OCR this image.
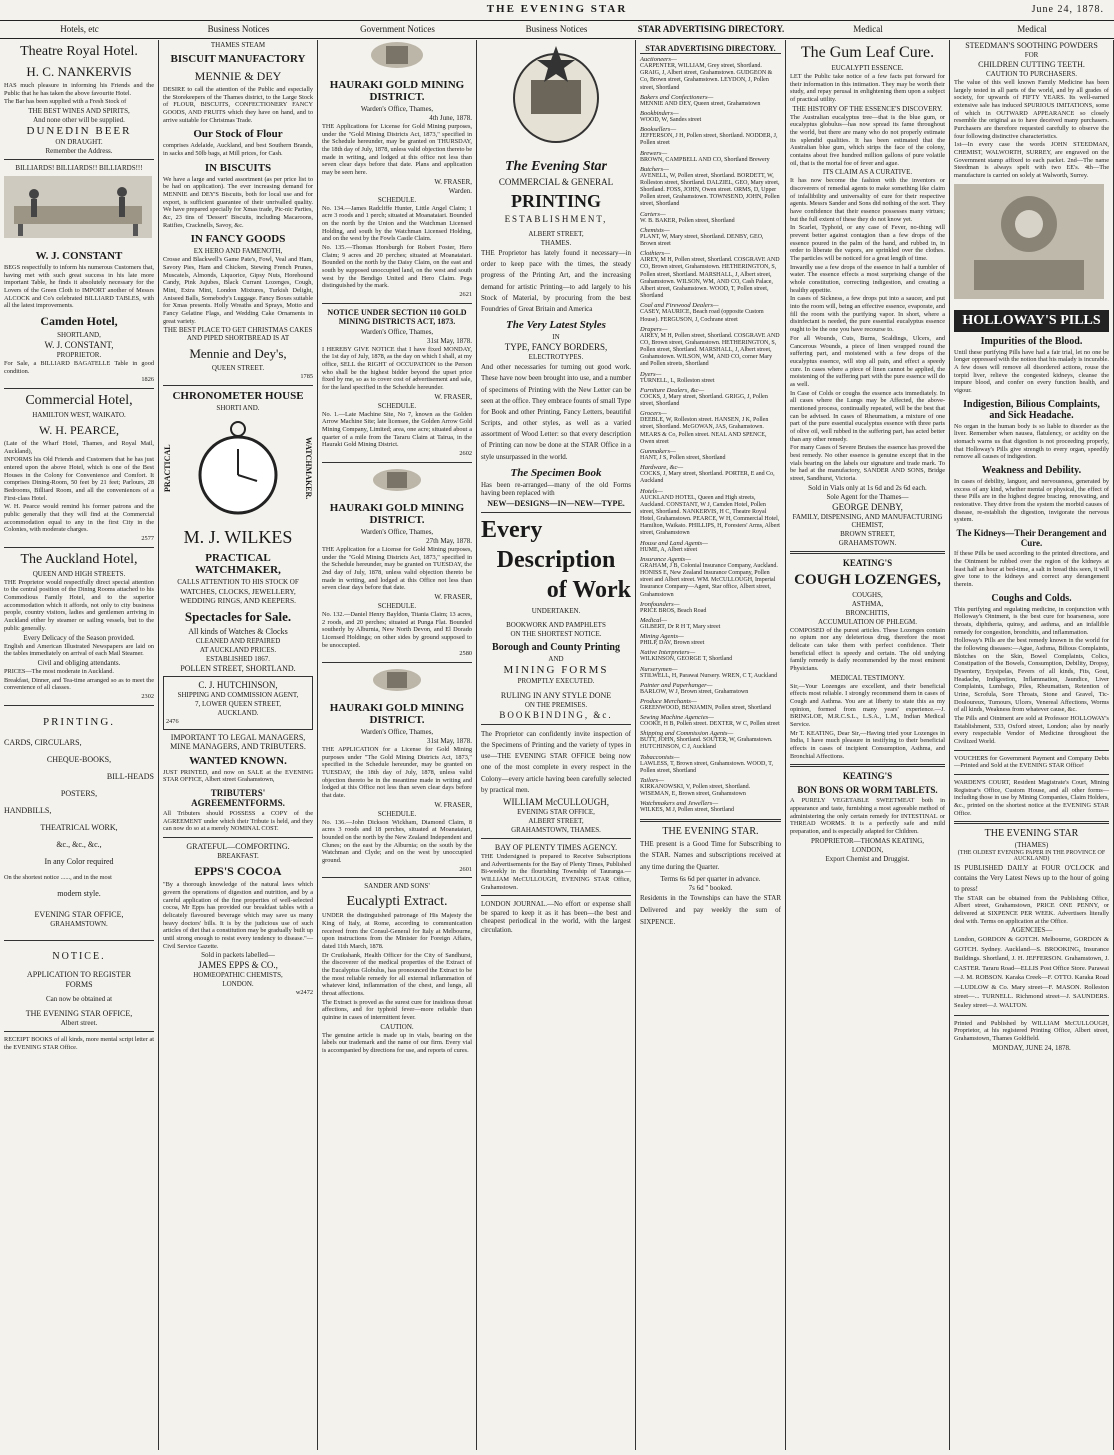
THE EVENING STAR	June 24, 1878.
Hotels, etc	Business Notices	Government Notices	Business Notices	STAR ADVERTISING DIRECTORY.	Medical	Medical
Theatre Royal Hotel.
H. C. NANKERVIS

HAS much pleasure in informing his Friends and the Public that he has taken the above favourite Hotel.

The Bar has been supplied with a Fresh Stock of

THE BEST WINES AND SPIRITS,

And none other will be supplied.

DUNEDIN BEER

ON DRAUGHT.

Remember the Address.

BILLIARDS! BILLIARDS!! BILLIARDS!!!

W. J. CONSTANT

BEGS respectfully to inform his numerous Customers that, having met with such great success in his late more important Table, he finds it absolutely necessary for the Lovers of the Green Cloth to IMPORT another of Messrs ALCOCK and Co's celebrated BILLIARD TABLES, with all the latest improvements.

Camden Hotel,

SHORTLAND,

W. J. CONSTANT,

PROPRIETOR.

For Sale, a BILLIARD BAGATELLE Table in good condition.

1826

Commercial Hotel,

HAMILTON WEST, WAIKATO.

W. H. PEARCE,

(Late of the Wharf Hotel, Thames, and Royal Mail, Auckland),

INFORMS his Old Friends and Customers that he has just entered upon the above Hotel, which is one of the Best Houses in the Colony for Convenience and Comfort. It comprises Dining-Room, 50 feet by 21 feet; Parlours, 28 Bedrooms, Billiard Room, and all the conveniences of a First-class Hotel.

W. H. Pearce would remind his former patrons and the public generally that they will find at the Commercial accommodation equal to any in the first City in the Colonies, with moderate charges.

2577

The Auckland Hotel,

QUEEN AND HIGH STREETS.

THE Proprietor would respectfully direct special attention to the central position of the Dining Rooms attached to his Commodious Family Hotel, and to the superior accommodation which it affords, not only to city business people, country visitors, ladies and gentlemen arriving in Auckland either by steamer or sailing vessels, but to the public generally.

Every Delicacy of the Season provided.

English and American Illustrated Newspapers are laid on the tables immediately on arrival of each Mail Steamer.

Civil and obliging attendants.

PRICES—The most moderate in Auckland.

Breakfast, Dinner, and Tea-time arranged so as to meet the convenience of all classes.

2302

PRINTING.

CARDS, CIRCULARS,

CHEQUE-BOOKS,

BILL-HEADS

POSTERS,

HANDBILLS,

THEATRICAL WORK,

&c., &c., &c.,

In any Color required

On the shortest notice ......, and in the most

modern style.

EVENING STAR OFFICE,

GRAHAMSTOWN.

NOTICE.

APPLICATION TO REGISTER

FORMS

Can now be obtained at

THE EVENING STAR OFFICE,

Albert street.

RECEIPT BOOKS of all kinds, more mental script letter at the EVENING STAR Office.

THAMES STEAM

BISCUIT MANUFACTORY
MENNIE & DEY

DESIRE to call the attention of the Public and especially the Storekeepers of the Thames district, to the Large Stock of FLOUR, BISCUITS, CONFECTIONERY FANCY GOODS, AND FRUITS which they have on hand, and to arrive suitable for Christmas Trade.

Our Stock of Flour

comprises Adelaide, Auckland, and best Southern Brands, in sacks and 50lb bags, at Mill prices, for Cash.

IN BISCUITS

We have a large and varied assortment (as per price list to be had on application). The ever increasing demand for MENNIE and DEY'S Biscuits, both for local use and for export, is sufficient guarantee of their unrivalled quality. We have prepared specially for Xmas trade, Pic-nic Parties, &c, 23 tins of 'Dessert' Biscuits, including Macaroons, Ratifies, Cracknells, Savoy, &c.

IN FANCY GOODS

EX HERO AND FAMENOTH,

Crosse and Blackwell's Game Pate's, Fowl, Veal and Ham, Savory Pies, Ham and Chicken, Stewing French Prunes, Muscatels, Almonds, Liquorice, Gipsy Nuts, Horehound Candy, Pink Jujubes, Black Currant Lozenges, Cough, Mint, Extra Mint, London Mixtures, Turkish Delight, Aniseed Balls, Somebody's Luggage. Fancy Boxes suitable for Xmas presents. Holly Wreaths and Sprays, Motto and Fancy Gelatine Flags, and Wedding Cake Ornaments in great variety.

THE BEST PLACE TO GET CHRISTMAS CAKES AND PIPED SHORTBREAD IS AT

Mennie and Dey's,

QUEEN STREET.

1785

CHRONOMETER HOUSE

SHORTI AND.

PRACTICAL	WATCHMAKER.
M. J. WILKES
PRACTICAL WATCHMAKER,

CALLS ATTENTION TO HIS STOCK OF

WATCHES, CLOCKS, JEWELLERY, WEDDING RINGS, AND KEEPERS.

Spectacles for Sale.

All kinds of Watches & Clocks

CLEANED AND REPAIRED

AT AUCKLAND PRICES.

ESTABLISHED 1867.

POLLEN STREET, SHORTLAND.

C. J. HUTCHINSON,

SHIPPING AND COMMISSION AGENT,

7, LOWER QUEEN STREET,

AUCKLAND.

2476

IMPORTANT TO LEGAL MANAGERS, MINE MANAGERS, AND TRIBUTERS.

WANTED KNOWN.

JUST PRINTED, and now on SALE at the EVENING STAR OFFICE, Albert street Grahamstown,

TRIBUTERS' AGREEMENTFORMS.

All Tributers should POSSESS a COPY of the AGREEMENT under which their Tribute is held, and they can now do so at a merely NOMINAL COST.

GRATEFUL—COMFORTING.

BREAKFAST.

EPPS'S COCOA

"By a thorough knowledge of the natural laws which govern the operations of digestion and nutrition, and by a careful application of the fine properties of well-selected cocoa, Mr Epps has provided our breakfast tables with a delicately flavoured beverage which may save us many heavy doctors' bills. It is by the judicious use of such articles of diet that a constitution may be gradually built up until strong enough to resist every tendency to disease."—Civil Service Gazette.

Sold in packets labelled—

JAMES EPPS & CO.,

HOMŒOPATHIC CHEMISTS,

LONDON.

w2472

HAURAKI GOLD MINING DISTRICT.

Warden's Office, Thames,

4th June, 1878.

THE Applications for License for Gold Mining purposes, under the "Gold Mining Districts Act, 1873," specified in the Schedule hereunder, may be granted on THURSDAY, the 18th day of July, 1878, unless valid objection thereto be made in writing, and lodged at this office not less than seven clear days before that date. Plans and application may be seen here.

W. FRASER,

Warden.

SCHEDULE.

No. 134.—James Radcliffe Hunter, Little Angel Claim; 1 acre 3 roods and 1 perch; situated at Moanataiari. Bounded on the north by the Union and the Watchman Licensed Holding, and south by the Watchman Licensed Holding, and on the west by the Fowls Castle Claim.

No. 135.—Thomas Horsburgh for Robert Foster, Hero Claim; 9 acres and 20 perches; situated at Moanataiari. Bounded on the north by the Daisy Claim, on the east and south by supposed unoccupied land, on the west and south west by the Bendigo United and Hero Claim. Pegs distinguished by the mark.

2621

NOTICE UNDER SECTION 110 GOLD MINING DISTRICTS ACT, 1873.

Warden's Office, Thames,

31st May, 1878.

I HEREBY GIVE NOTICE that I have fixed MONDAY, the 1st day of July, 1878, as the day on which I shall, at my office, SELL the RIGHT of OCCUPATION to the Person who shall be the highest bidder beyond the upset price fixed by me, so as to cover cost of advertisement and sale, for the land specified in the Schedule hereunder.

W. FRASER,

SCHEDULE.

No. 1.—Late Machine Site, No 7, known as the Golden Arrow Machine Site; late licensee, the Golden Arrow Gold Mining Company, Limited; area, one acre; situated about a quarter of a mile from the Tararu Claim at Tairua, in the Hauraki Gold Mining District.

2602

HAURAKI GOLD MINING DISTRICT.

Warden's Office, Thames,

27th May, 1878.

THE Application for a License for Gold Mining purposes, under the "Gold Mining Districts Act, 1873," specified in the Schedule hereunder, may be granted on TUESDAY, the 2nd day of July, 1878, unless valid objection thereto be made in writing, and lodged at this Office not less than seven clear days before that date.

W. FRASER,

SCHEDULE.

No. 132.—Daniel Henry Bayldon, Titania Claim; 13 acres, 2 roods, and 20 perches; situated at Punga Flat. Bounded southerly by Alburnia, New North Devon, and El Dorado Licensed Holdings; on other sides by ground supposed to be unoccupied.

2580

HAURAKI GOLD MINING DISTRICT.

Warden's Office, Thames,

31st May, 1878.

THE APPLICATION for a License for Gold Mining purposes under "The Gold Mining Districts Act, 1873," specified in the Schedule hereunder, may be granted on TUESDAY, the 18th day of July, 1878, unless valid objection thereto be in the meantime made in writing and lodged at this Office not less than seven clear days before that date.

W. FRASER,

SCHEDULE.

No. 136.—John Dickson Wickham, Diamond Claim, 8 acres 3 roods and 18 perches, situated at Moanataiari, bounded on the north by the New Zealand Independent and Clunes; on the east by the Alburnia; on the south by the Watchman and Clyde; and on the west by unoccupied ground.

2601

SANDER AND SONS'

Eucalypti Extract.

UNDER the distinguished patronage of His Majesty the King of Italy, at Rome, according to communication received from the Consul-General for Italy at Melbourne, upon instructions from the Minister for Foreign Affairs, dated 11th March, 1878.

Dr Cruikshank, Health Officer for the City of Sandhurst, the discoverer of the medical properties of the Extract of the Eucalyptus Globulus, has pronounced the Extract to be the most reliable remedy for all external inflammation of whatever kind, inflammation of the chest, and lungs, all throat affections.

The Extract is proved as the surest cure for insidious throat affections, and for typhoid fever—more reliable than quinine in cases of intermittent fever.

CAUTION.

The genuine article is made up in vials, bearing on the labels our trademark and the name of our firm. Every vial is accompanied by directions for use, and reports of cures.

The Evening Star

COMMERCIAL & GENERAL

PRINTING

ESTABLISHMENT,

ALBERT STREET,

THAMES.

THE Proprietor has lately found it necessary—in order to keep pace with the times, the steady progress of the Printing Art, and the increasing demand for artistic Printing—to add largely to his Stock of Material, by procuring from the best Foundries of Great Britain and America

The Very Latest Styles

IN

TYPE, FANCY BORDERS,

ELECTROTYPES.

And other necessaries for turning out good work. These have now been brought into use, and a number of specimens of Printing with the New Letter can be seen at the office. They embrace founts of small Type for Book and other Printing, Fancy Letters, beautiful Scripts, and other styles, as well as a varied assortment of Wood Letter: so that every description of Printing can now be done at the STAR Office in a style unsurpassed in the world.

The Specimen Book

Has been re-arranged—many of the old Forms having been replaced with

NEW—DESIGNS—IN—NEW—TYPE.

Every
Description
of Work

UNDERTAKEN.

BOOKWORK AND PAMPHLETS

ON THE SHORTEST NOTICE.

Borough and County Printing

AND

MINING FORMS

PROMPTLY EXECUTED.

RULING IN ANY STYLE DONE

ON THE PREMISES.

BOOKBINDING, &c.

The Proprietor can confidently invite inspection of the Specimens of Printing and the variety of types in use—THE EVENING STAR OFFICE being now one of the most complete in every respect in the Colony—every article having been carefully selected by practical men.

WILLIAM McCULLOUGH,

EVENING STAR OFFICE,

ALBERT STREET,

GRAHAMSTOWN, THAMES.

BAY OF PLENTY TIMES AGENCY.

THE Undersigned is prepared to Receive Subscriptions and Advertisements for the Bay of Plenty Times, Published Bi-weekly in the flourishing Township of Tauranga.—WILLIAM McCULLOUGH, EVENING STAR Office, Grahamstown.

LONDON JOURNAL.—No effort or expense shall be spared to keep it as it has been—the best and cheapest periodical in the world, with the largest circulation.

STAR ADVERTISING DIRECTORY.
Auctioneers—

CARPENTER, WILLIAM, Grey street, Shortland. GRAIG, J, Albert street, Grahamstown. GUDGEON & Co, Brown street, Grahamstown. LEYDON, J, Pollen street, Shortland

Bakers and Confectioners—

MENNIE AND DEY, Queen street, Grahamstown

Bookbinders—

WOOD, W, Sandes street

Booksellers—

JEFFERSON, J H, Pollen street, Shortland. NODDER, J, Pollen street

Brewers—

BROWN, CAMPBELL AND CO, Shortland Brewery

Butchers—

AVENELL, W, Pollen street, Shortland. BORDETT, W, Rolleston street, Shortland. DALZIEL, GEO, Mary street, Shortland. FOSS, JOHN, Owen street. ORMS, D, Upper Pollen street, Grahamstown. TOWNSEND, JOHN, Pollen street, Shortland

Carters—

W. B. BAKER, Pollen street, Shortland

Chemists—

PLANT, W, Mary street, Shortland. DENBY, GEO, Brown street

Clothiers—

AIREY, M H, Pollen street, Shortland. COSGRAVE AND CO, Brown street, Grahamstown. HETHERINGTON, S, Pollen street, Shortland. MARSHALL, J, Albert street, Grahamstown. WILSON, WM, AND CO, Cash Palace, Albert street, Grahamstown. WOOD, T, Pollen street, Shortland

Coal and Firewood Dealers—

CASEY, MAURICE, Beach road (opposite Custom House). FERGUSON, J, Cochrane street

Drapers—

AIREY, M H, Pollen street, Shortland. COSGRAVE AND CO, Brown street, Grahamstown. HETHERINGTON, S, Pollen street, Shortland. MARSHALL, J, Albert street, Grahamstown. WILSON, WM, AND CO, corner Mary and Pollen streets, Shortland

Dyers—

TURNELL, L, Rolleston street

Furniture Dealers, &c—

COCKS, J, Mary street, Shortland. GRIGG, J, Pollen street, Shortland

Grocers—

DEEBLE, W, Rolleston street. HANSEN, J K, Pollen street, Shortland. McGOWAN, JAS, Grahamstown. MEARS & Co, Pollen street. NEAL AND SPENCE, Owen street

Gunmakers—

HANT, J S, Pollen street, Shortland

Hardware, &c—

COCKS, J, Mary street, Shortland. PORTER, E and Co, Auckland

Hotels—

AUCKLAND HOTEL, Queen and High streets, Auckland. CONSTANT, W J, Camden Hotel, Pollen street, Shortland. NANKERVIS, H C, Theatre Royal Hotel, Grahamstown. PEARCE, W H, Commercial Hotel, Hamilton, Waikato. PHILLIPS, H, Foresters' Arms, Albert street, Grahamstown

House and Land Agents—

HUME, A, Albert street

Insurance Agents—

GRAHAM, J B, Colonial Insurance Company, Auckland. HONISS E, New Zealand Insurance Company, Pollen street and Albert street. WM. McCULLOUGH, Imperial Insurance Company—Agent, Star office, Albert street, Grahamstown

Ironfounders—

PRICE BROS, Beach Road

Medical—

GILBERT, Dr R H T, Mary street

Mining Agents—

PHILP, DAV, Brown street

Native Interpreters—

WILKINSON, GEORGE T, Shortland

Nurserymen—

STILWELL, H, Parawai Nursery. WREN, C T, Auckland

Painter and Paperhanger—

BARLOW, W J, Brown street, Grahamstown

Produce Merchants—

GREENWOOD, BENJAMIN, Pollen street, Shortland

Sewing Machine Agencies—

COOKE, H B, Pollen street. DEXTER, W C, Pollen street

Shipping and Commission Agents—

BUTT, JOHN, Shortland. SOUTER, W, Grahamstown. HUTCHINSON, C J, Auckland

Tobacconists—

LAWLESS, T, Brown street, Grahamstown. WOOD, T, Pollen street, Shortland

Tailors—

KIRKANOWSKI, V, Pollen street, Shortland. WISEMAN, E, Brown street, Grahamstown

Watchmakers and Jewellers—

WILKES, M J, Pollen street, Shortland

THE EVENING STAR.

THE present is a Good Time for Subscribing to the STAR. Names and subscriptions received at any time during the Quarter.

Terms 6s 6d per quarter in advance.

7s 6d " booked.

Residents in the Townships can have the STAR Delivered and pay weekly the sum of SIXPENCE.

The Gum Leaf Cure.

EUCALYPTI ESSENCE.

LET the Public take notice of a few facts put forward for their information in this intimation. They may be worth their study, and repay perusal in enlightening them upon a subject of practical utility.

THE HISTORY OF THE ESSENCE'S DISCOVERY.

The Australian eucalyptus tree—that is the blue gum, or eucalyptus globulus—has now spread its fame throughout the world, but there are many who do not properly estimate its splendid qualities. It has been estimated that the Australian blue gum, which strips the face of the colony, contains about five hundred million gallons of pure volatile oil, that is the mortal foe of fever and ague.

ITS CLAIM AS A CURATIVE.

It has now become the fashion with the inventors or discoverers of remedial agents to make something like claim of infallibility and universality of cure for their respective agents. Messrs Sander and Sons did nothing of the sort. They have confidence that their essence possesses many virtues; but the full extent of these they do not know yet.

In Scarlet, Typhoid, or any case of Fever, no-thing will prevent better against contagion than a few drops of the essence poured in the palm of the hand, and rubbed in, in order to liberate the vapors, are sprinkled over the clothes. The particles will be noticed for a great length of time.

Inwardly use a few drops of the essence in half a tumbler of water. The essence effects a most surprising change of the whole constitution, correcting indigestion, and creating a healthy appetite.

In cases of Sickness, a few drops put into a saucer, and put into the room will, being an effective essence, evaporate, and fill the room with the purifying vapor. In short, where a disinfectant is needed, the pure essential eucalyptus essence ought to be the one you have recourse to.

For all Wounds, Cuts, Burns, Scaldings, Ulcers, and Cancerous Wounds, a piece of linen wrapped round the suffering part, and moistened with a few drops of the eucalyptus essence, will stop all pain, and effect a speedy cure. In cases where a piece of linen cannot be applied, the moistening of the suffering part with the pure essence will do as well.

In Case of Colds or coughs the essence acts immediately. In all cases where the Lungs may be Affected, the above-mentioned process, continually repeated, will be the best that can be advised. In cases of Rheumatism, a mixture of one part of the pure essential eucalyptus essence with three parts of olive oil, well rubbed in the suffering part, has acted better than any other remedy.

For many Cases of Severe Bruises the essence has proved the best remedy. No other essence is genuine except that in the vials bearing on the labels our signature and trade mark. To be had at the manufactory, SANDER AND SONS, Bridge street, Sandhurst, Victoria.

Sold in Vials only at 1s 6d and 2s 6d each.

Sole Agent for the Thames—

GEORGE DENBY,

FAMILY, DISPENSING, AND MANUFACTURING CHEMIST,

BROWN STREET,

GRAHAMSTOWN.

KEATING'S

COUGH LOZENGES,

COUGHS,

ASTHMA,

BRONCHITIS,

ACCUMULATION OF PHLEGM.

COMPOSED of the purest articles. These Lozenges contain no opium nor any deleterious drug, therefore the most delicate can take them with perfect confidence. Their beneficial effect is speedy and certain. The old undying family remedy is daily recommended by the most eminent Physicians.

MEDICAL TESTIMONY.

Sir,—Your Lozenges are excellent, and their beneficial effects most reliable. I strongly recommend them in cases of Cough and Asthma. You are at liberty to state this as my opinion, formed from many years' experience.—J. BRINGLOE, M.R.C.S.L., L.S.A., L.M., Indian Medical Service.

Mr T. KEATING, Dear Sir,—Having tried your Lozenges in India, I have much pleasure in testifying to their beneficial effects in cases of incipient Consumption, Asthma, and Bronchial Affections.

KEATING'S

BON BONS OR WORM TABLETS.

A PURELY VEGETABLE SWEETMEAT both in appearance and taste, furnishing a most agreeable method of administering the only certain remedy for INTESTINAL or THREAD WORMS. It is a perfectly safe and mild preparation, and is especially adapted for Children.

PROPRIETOR—THOMAS KEATING,

LONDON,

Export Chemist and Druggist.

STEEDMAN'S SOOTHING POWDERS

FOR

CHILDREN CUTTING TEETH.

CAUTION TO PURCHASERS.

The value of this well known Family Medicine has been largely tested in all parts of the world, and by all grades of society, for upwards of FIFTY YEARS. Its well-earned extensive sale has induced SPURIOUS IMITATIONS, some of which in OUTWARD APPEARANCE so closely resemble the original as to have deceived many purchasers. Purchasers are therefore requested carefully to observe the four following distinctive characteristics.

1st—In every case the words JOHN STEEDMAN, CHEMIST, WALWORTH, SURREY, are engraved on the Government stamp affixed to each packet. 2nd—The name Steedman is always spelt with two EE's. 4th—The manufacture is carried on solely at Walworth, Surrey.

HOLLOWAY'S PILLS
Impurities of the Blood.

Until these purifying Pills have had a fair trial, let no one be longer oppressed with the notion that his malady is incurable. A few doses will remove all disordered actions, rouse the torpid liver, relieve the congested kidneys, cleanse the impure blood, and confer on every function health, and vigour.

Indigestion, Bilious Complaints, and Sick Headache.

No organ in the human body is so liable to disorder as the liver. Remember when nausea, flatulency, or acidity on the stomach warns us that digestion is not proceeding properly, that Holloway's Pills give strength to every organ, speedily remove all causes of indigestion.

Weakness and Debility.

In cases of debility, languor, and nervousness, generated by excess of any kind, whether mental or physical, the effect of these Pills are in the highest degree bracing, renovating, and restorative. They drive from the system the morbid causes of disease, re-establish the digestion, invigorate the nervous system.

The Kidneys—Their Derangement and Cure.

If these Pills be used according to the printed directions, and the Ointment be rubbed over the region of the kidneys at least half an hour at bed-time, a salt in bread this seen, it will give tone to the kidneys and correct any derangement therein.

Coughs and Colds.

This purifying and regulating medicine, in conjunction with Holloway's Ointment, is the best cure for hoarseness, sore throats, diphtheria, quinsy, and asthma, and an infallible remedy for congestion, bronchitis, and inflammation.

Holloway's Pills are the best remedy known in the world for the following diseases:—Ague, Asthma, Bilious Complaints, Blotches on the Skin, Bowel Complaints, Colics, Constipation of the Bowels, Consumption, Debility, Dropsy, Dysentery, Erysipelas, Fevers of all kinds, Fits, Gout, Headache, Indigestion, Inflammation, Jaundice, Liver Complaints, Lumbago, Piles, Rheumatism, Retention of Urine, Scrofula, Sore Throats, Stone and Gravel, Tic-Douloureux, Tumours, Ulcers, Venereal Affections, Worms of all kinds, Weakness from whatever cause, &c.

The Pills and Ointment are sold at Professor HOLLOWAY's Establishment, 533, Oxford street, London; also by nearly every respectable Vendor of Medicine throughout the Civilized World.

VOUCHERS for Government Payment and Company Debts—Printed and Sold at the EVENING STAR Office!

WARDEN'S COURT, Resident Magistrate's Court, Mining Registrar's Office, Custom House, and all other forms—including those in use by Mining Companies, Claim Holders, &c., printed on the shortest notice at the EVENING STAR Office.

THE EVENING STAR

(THAMES)

(THE OLDEST EVENING PAPER IN THE PROVINCE OF AUCKLAND)

IS PUBLISHED DAILY at FOUR O'CLOCK and contains the Very Latest News up to the hour of going to press!

The STAR can be obtained from the Publishing Office, Albert street, Grahamstown, PRICE ONE PENNY, or delivered at SIXPENCE PER WEEK. Advertisers literally deal with. Terms on application at the Office.

AGENCIES—

London, GORDON & GOTCH. Melbourne, GORDON & GOTCH. Sydney. Auckland—S. BROOKING, Insurance Buildings. Shortland, J. H. JEFFERSON. Grahamstown, J. CASTER. Tararu Road—ELLIS Post Office Store. Parawai—J. M. ROBSON. Karaka Creek—F. OTTO. Karaka Road—LUDLOW & Co. Mary street—F. MASON. Rolleston street—... TURNELL. Richmond street—J. SAUNDERS. Sealey street—J. WALTON.

Printed and Published by WILLIAM McCULLOUGH, Proprietor, at his registered Printing Office, Albert street, Grahamstown, Thames Goldfield.

MONDAY, JUNE 24, 1878.
